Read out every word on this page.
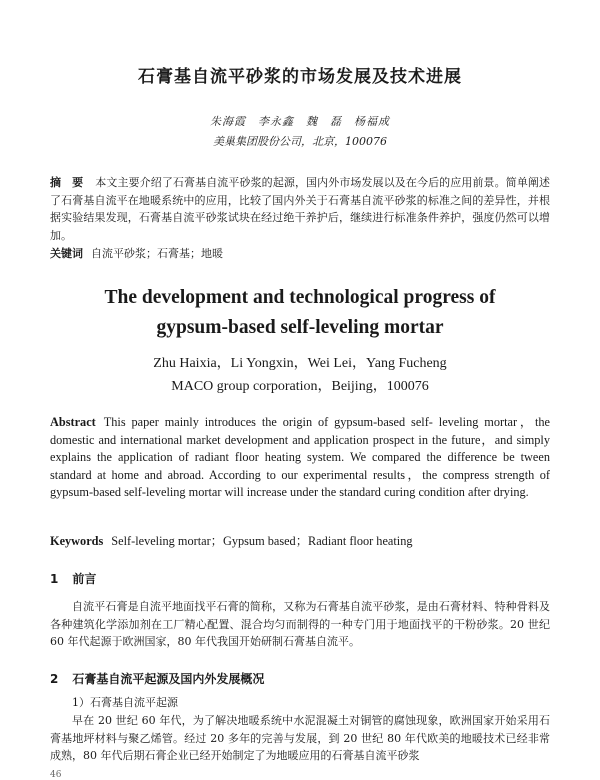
石膏基自流平砂浆的市场发展及技术进展
朱海霞　李永鑫　魏　磊　杨福成
美巢集团股份公司，北京，100076
摘　要 本文主要介绍了石膏基自流平砂浆的起源，国内外市场发展以及在今后的应用前景。简单阐述了石膏基自流平在地暖系统中的应用，比较了国内外关于石膏基自流平砂浆的标准之间的差异性，并根据实验结果发现，石膏基自流平砂浆试块在经过绝干养护后，继续进行标准条件养护，强度仍然可以增加。
关键词 自流平砂浆；石膏基；地暖
The development and technological progress of
gypsum-based self-leveling mortar
Zhu Haixia，Li Yongxin，Wei Lei，Yang Fucheng
MACO group corporation，Beijing，100076
Abstract This paper mainly introduces the origin of gypsum-based self- leveling mortar，the domestic and international market development and application prospect in the future，and simply explains the application of radiant floor heating system. We compared the difference be tween standard at home and abroad. According to our experimental results，the compress strength of gypsum-based self-leveling mortar will increase under the standard curing condition after drying.
Keywords Self-leveling mortar；Gypsum based；Radiant floor heating
1 前言
自流平石膏是自流平地面找平石膏的简称，又称为石膏基自流平砂浆，是由石膏材料、特种骨料及各种建筑化学添加剂在工厂精心配置、混合均匀而制得的一种专门用于地面找平的干粉砂浆。20 世纪 60 年代起源于欧洲国家，80 年代我国开始研制石膏基自流平。
2 石膏基自流平起源及国内外发展概况
1）石膏基自流平起源
早在 20 世纪 60 年代，为了解决地暖系统中水泥混凝土对铜管的腐蚀现象，欧洲国家开始采用石膏基地坪材料与聚乙烯管。经过 20 多年的完善与发展，到 20 世纪 80 年代欧美的地暖技术已经非常成熟，80 年代后期石膏企业已经开始制定了为地暖应用的石膏基自流平砂浆
46
